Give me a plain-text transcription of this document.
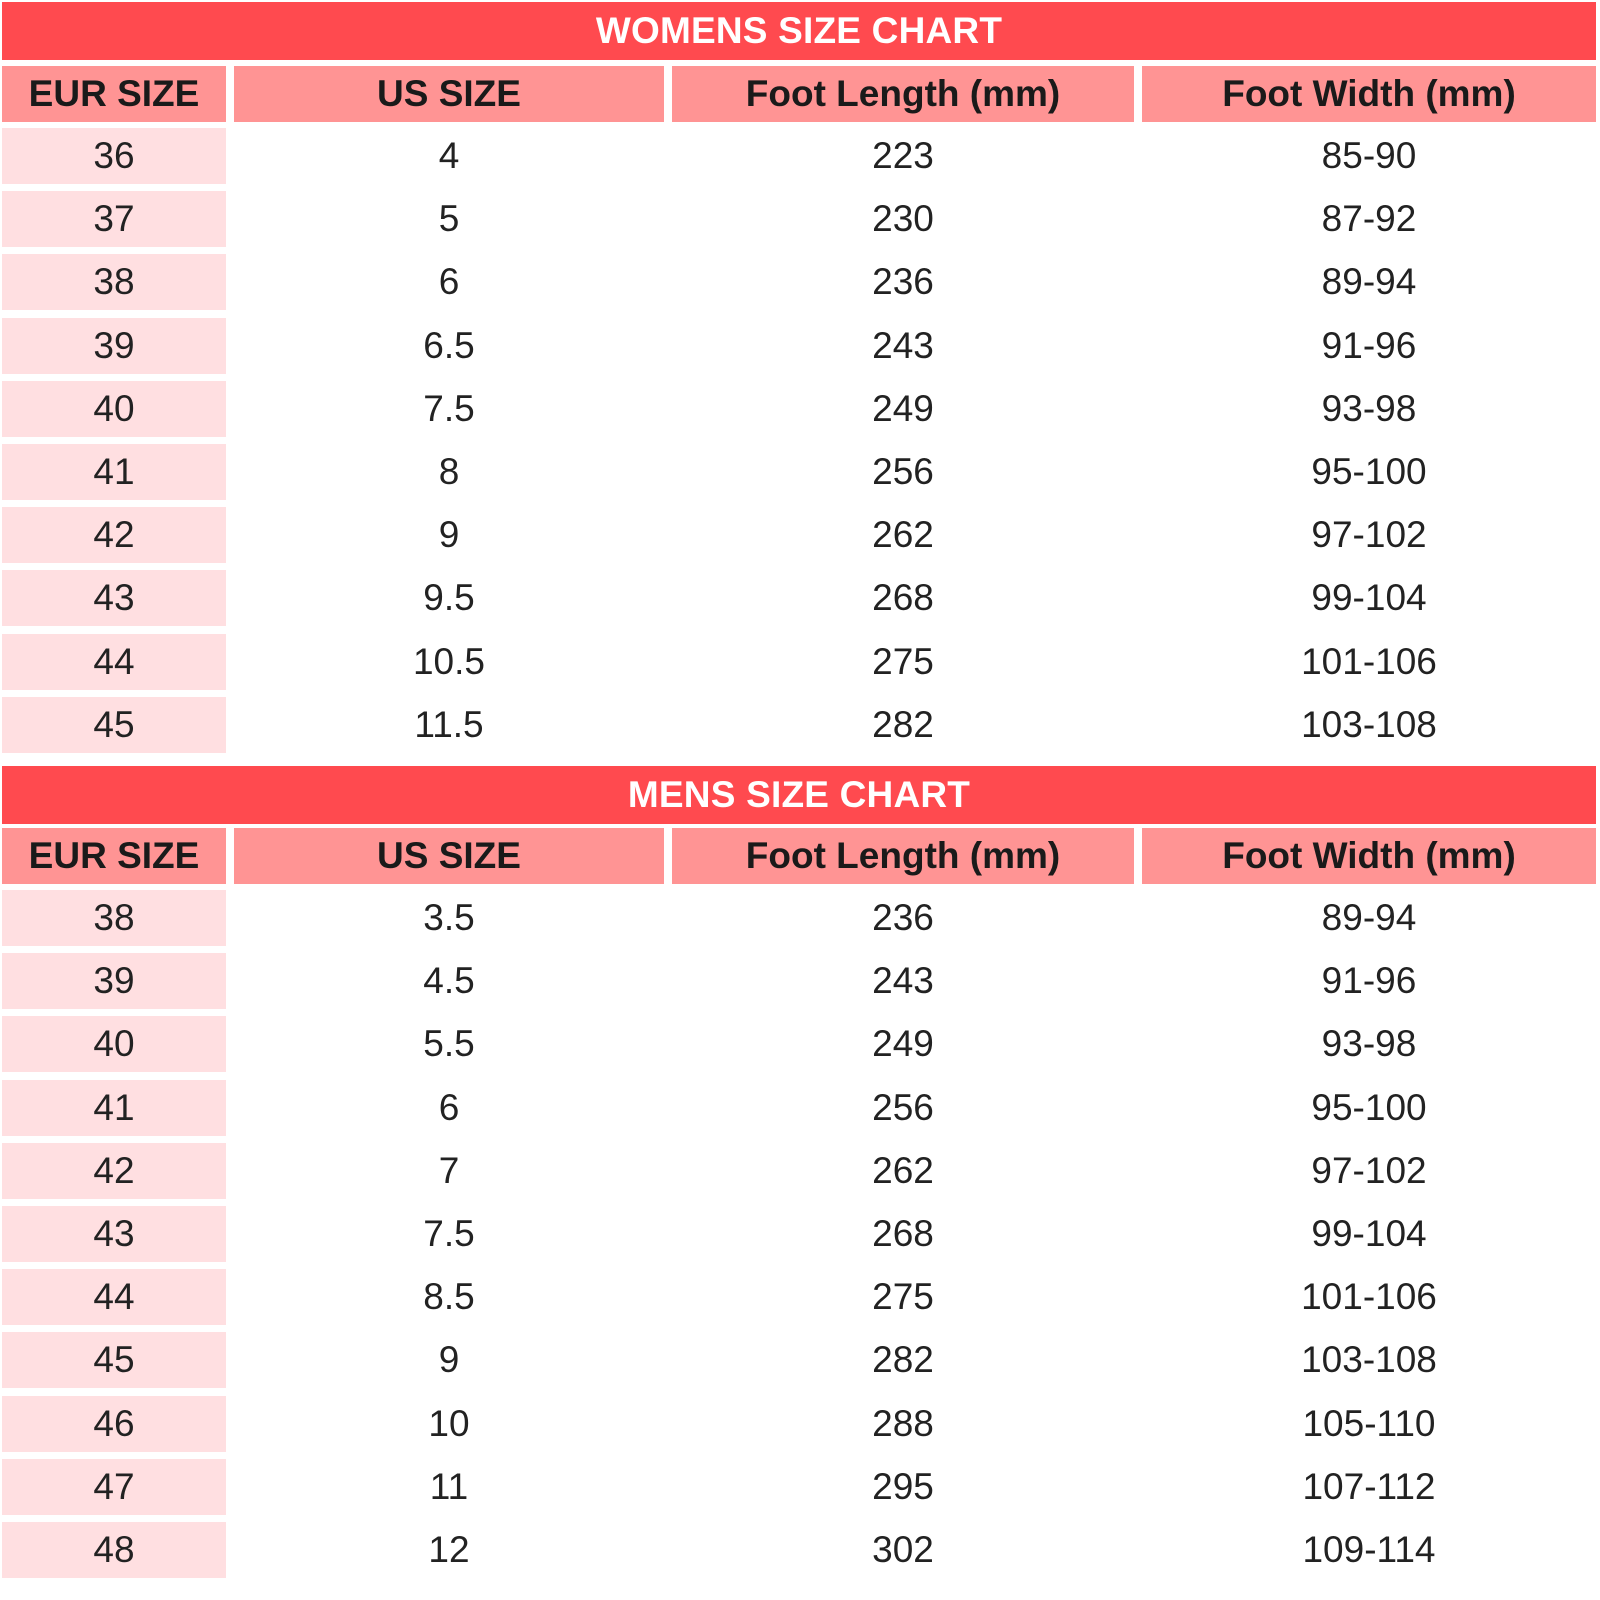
WOMENS SIZE CHART
EUR SIZE	US SIZE	Foot Length (mm)	Foot Width (mm)
36	4	223	85-90
37	5	230	87-92
38	6	236	89-94
39	6.5	243	91-96
40	7.5	249	93-98
41	8	256	95-100
42	9	262	97-102
43	9.5	268	99-104
44	10.5	275	101-106
45	11.5	282	103-108
MENS SIZE CHART
EUR SIZE	US SIZE	Foot Length (mm)	Foot Width (mm)
38	3.5	236	89-94
39	4.5	243	91-96
40	5.5	249	93-98
41	6	256	95-100
42	7	262	97-102
43	7.5	268	99-104
44	8.5	275	101-106
45	9	282	103-108
46	10	288	105-110
47	11	295	107-112
48	12	302	109-114
